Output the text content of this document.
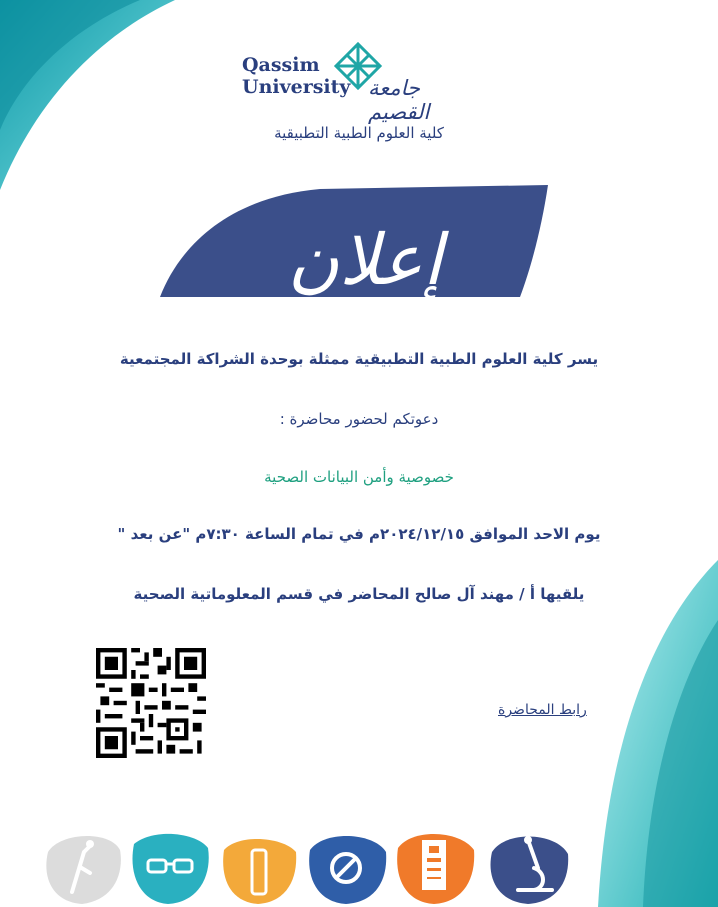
Qassim
University جامعة القصيم
كلية العلوم الطبية التطبيقية
إعلان
يسر كلية العلوم الطبية التطبيقية ممثلة بوحدة الشراكة المجتمعية
دعوتكم لحضور محاضرة :
خصوصية وأمن البيانات الصحية
يوم الاحد الموافق ٢٠٢٤/١٢/١٥م في تمام الساعة ٧:٣٠م "عن بعد "
يلقيها أ / مهند آل صالح المحاضر في قسم المعلوماتية الصحية
رابط المحاضرة
